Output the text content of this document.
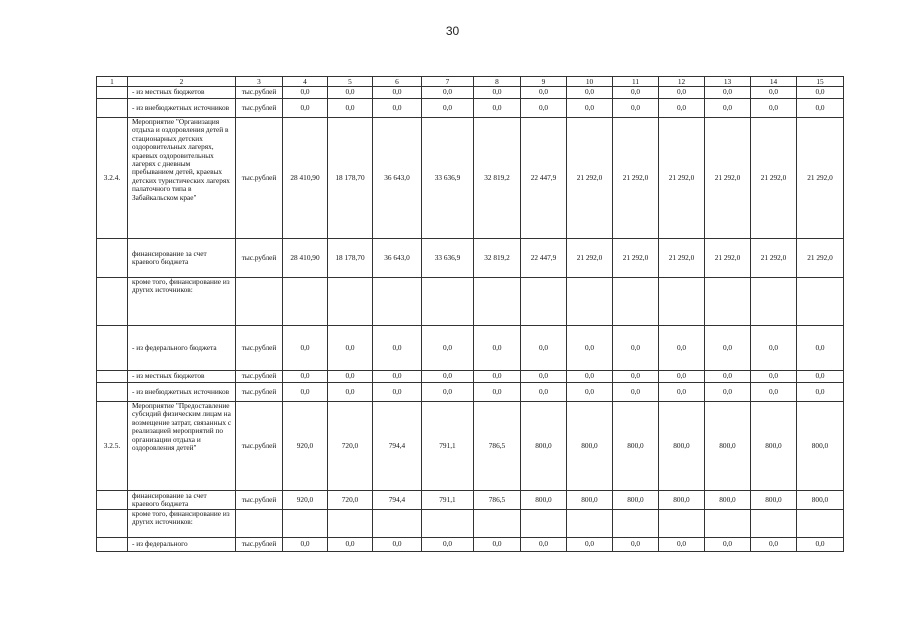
30
1	2	3	4	5	6	7	8	9	10	11	12	13	14	15
	- из местных бюджетов	тыс.рублей	0,0	0,0	0,0	0,0	0,0	0,0	0,0	0,0	0,0	0,0	0,0	0,0
	- из внебюджетных источников	тыс.рублей	0,0	0,0	0,0	0,0	0,0	0,0	0,0	0,0	0,0	0,0	0,0	0,0
3.2.4.	Мероприятие "Организация отдыха и оздоровления детей в стационарных детских оздоровительных лагерях, краевых оздоровительных лагерях с дневным пребыванием детей, краевых детских туристических лагерях палаточного типа в Забайкальском крае"	тыс.рублей	28 410,90	18 178,70	36 643,0	33 636,9	32 819,2	22 447,9	21 292,0	21 292,0	21 292,0	21 292,0	21 292,0	21 292,0
	финансирование за счет краевого бюджета	тыс.рублей	28 410,90	18 178,70	36 643,0	33 636,9	32 819,2	22 447,9	21 292,0	21 292,0	21 292,0	21 292,0	21 292,0	21 292,0
	кроме того, финансирование из других источников:													
	- из федерального бюджета	тыс.рублей	0,0	0,0	0,0	0,0	0,0	0,0	0,0	0,0	0,0	0,0	0,0	0,0
	- из местных бюджетов	тыс.рублей	0,0	0,0	0,0	0,0	0,0	0,0	0,0	0,0	0,0	0,0	0,0	0,0
	- из внебюджетных источников	тыс.рублей	0,0	0,0	0,0	0,0	0,0	0,0	0,0	0,0	0,0	0,0	0,0	0,0
3.2.5.	Мероприятие "Предоставление субсидий физическим лицам на возмещение затрат, связанных с реализацией мероприятий по организации отдыха и оздоровления детей"	тыс.рублей	920,0	720,0	794,4	791,1	786,5	800,0	800,0	800,0	800,0	800,0	800,0	800,0
	финансирование за счет краевого бюджета	тыс.рублей	920,0	720,0	794,4	791,1	786,5	800,0	800,0	800,0	800,0	800,0	800,0	800,0
	кроме того, финансирование из других источников:													
	- из федерального	тыс.рублей	0,0	0,0	0,0	0,0	0,0	0,0	0,0	0,0	0,0	0,0	0,0	0,0
